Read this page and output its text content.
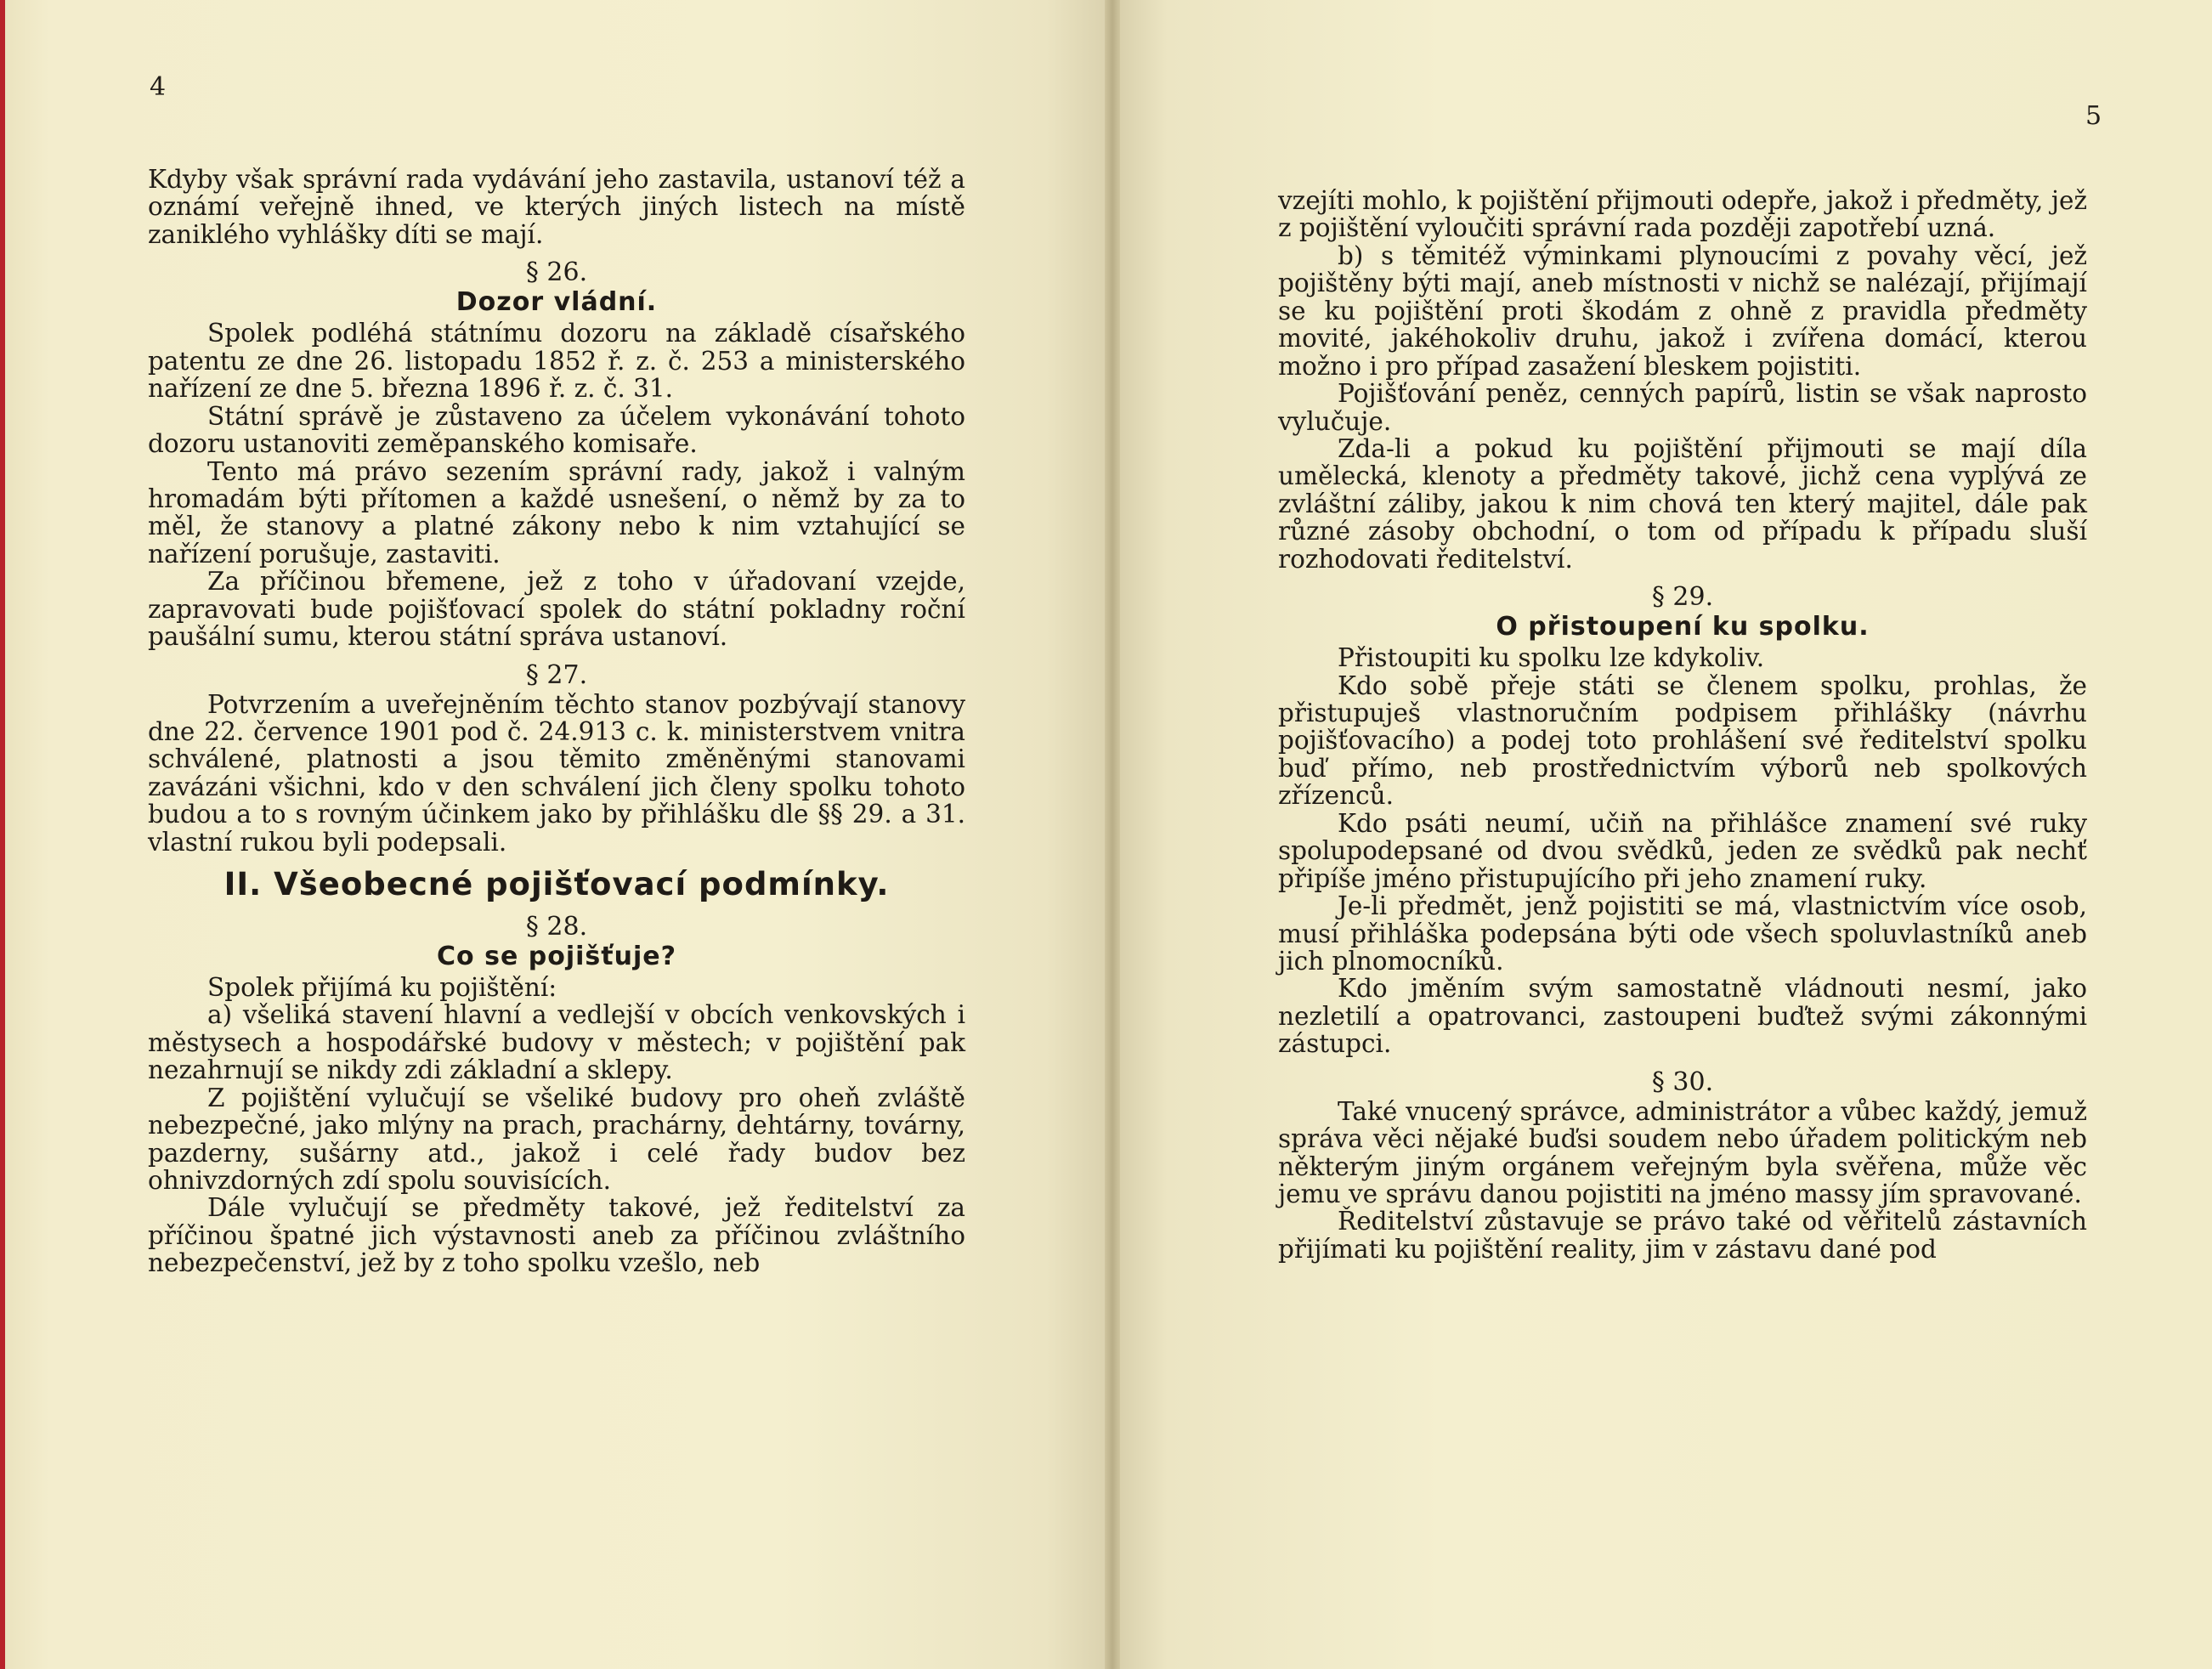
4

Kdyby však správní rada vydávání jeho zastavila, ustanoví též a oznámí veřejně ihned, ve kterých jiných listech na místě zaniklého vyhlášky díti se mají.

§ 26.
Dozor vládní.

Spolek podléhá státnímu dozoru na základě císařského patentu ze dne 26. listopadu 1852 ř. z. č. 253 a ministerského nařízení ze dne 5. března 1896 ř. z. č. 31.

Státní správě je zůstaveno za účelem vykonávání tohoto dozoru ustanoviti zeměpanského komisaře.

Tento má právo sezením správní rady, jakož i valným hromadám býti přítomen a každé usnešení, o němž by za to měl, že stanovy a platné zákony nebo k nim vztahující se nařízení porušuje, zastaviti.

Za příčinou břemene, jež z toho v úřadovaní vzejde, zapravovati bude pojišťovací spolek do státní pokladny roční paušální sumu, kterou státní správa ustanoví.

§ 27.

Potvrzením a uveřejněním těchto stanov pozbývají stanovy dne 22. července 1901 pod č. 24.913 c. k. ministerstvem vnitra schválené, platnosti a jsou těmito změněnými stanovami zavázáni všichni, kdo v den schválení jich členy spolku tohoto budou a to s rovným účinkem jako by přihlášku dle §§ 29. a 31. vlastní rukou byli podepsali.

II. Všeobecné pojišťovací podmínky.
§ 28.
Co se pojišťuje?

Spolek přijímá ku pojištění:

a) všeliká stavení hlavní a vedlejší v obcích venkovských i městysech a hospodářské budovy v městech; v pojištění pak nezahrnují se nikdy zdi základní a sklepy.

Z pojištění vylučují se všeliké budovy pro oheň zvláště nebezpečné, jako mlýny na prach, prachárny, dehtárny, továrny, pazderny, sušárny atd., jakož i celé řady budov bez ohnivzdorných zdí spolu souvisících.

Dále vylučují se předměty takové, jež ředitelství za příčinou špatné jich výstavnosti aneb za příčinou zvláštního nebezpečenství, jež by z toho spolku vzešlo, neb

5

vzejíti mohlo, k pojištění přijmouti odepře, jakož i předměty, jež z pojištění vyloučiti správní rada později zapotřebí uzná.

b) s těmitéž výminkami plynoucími z povahy věcí, jež pojištěny býti mají, aneb místnosti v nichž se nalézají, přijímají se ku pojištění proti škodám z ohně z pravidla předměty movité, jakéhokoliv druhu, jakož i zvířena domácí, kterou možno i pro případ zasažení bleskem pojistiti.

Pojišťování peněz, cenných papírů, listin se však naprosto vylučuje.

Zda-li a pokud ku pojištění přijmouti se mají díla umělecká, klenoty a předměty takové, jichž cena vyplývá ze zvláštní záliby, jakou k nim chová ten který majitel, dále pak různé zásoby obchodní, o tom od případu k případu sluší rozhodovati ředitelství.

§ 29.
O přistoupení ku spolku.

Přistoupiti ku spolku lze kdykoliv.

Kdo sobě přeje státi se členem spolku, prohlas, že přistupuješ vlastnoručním podpisem přihlášky (návrhu pojišťovacího) a podej toto prohlášení své ředitelství spolku buď přímo, neb prostřednictvím výborů neb spolkových zřízenců.

Kdo psáti neumí, učiň na přihlášce znamení své ruky spolupodepsané od dvou svědků, jeden ze svědků pak nechť připíše jméno přistupujícího při jeho znamení ruky.

Je-li předmět, jenž pojistiti se má, vlastnictvím více osob, musí přihláška podepsána býti ode všech spoluvlastníků aneb jich plnomocníků.

Kdo jměním svým samostatně vládnouti nesmí, jako nezletilí a opatrovanci, zastoupeni buďtež svými zákonnými zástupci.

§ 30.

Také vnucený správce, administrátor a vůbec každý, jemuž správa věci nějaké buďsi soudem nebo úřadem politickým neb některým jiným orgánem veřejným byla svěřena, může věc jemu ve správu danou pojistiti na jméno massy jím spravované.

Ředitelství zůstavuje se právo také od věřitelů zástavních přijímati ku pojištění reality, jim v zástavu dané pod
